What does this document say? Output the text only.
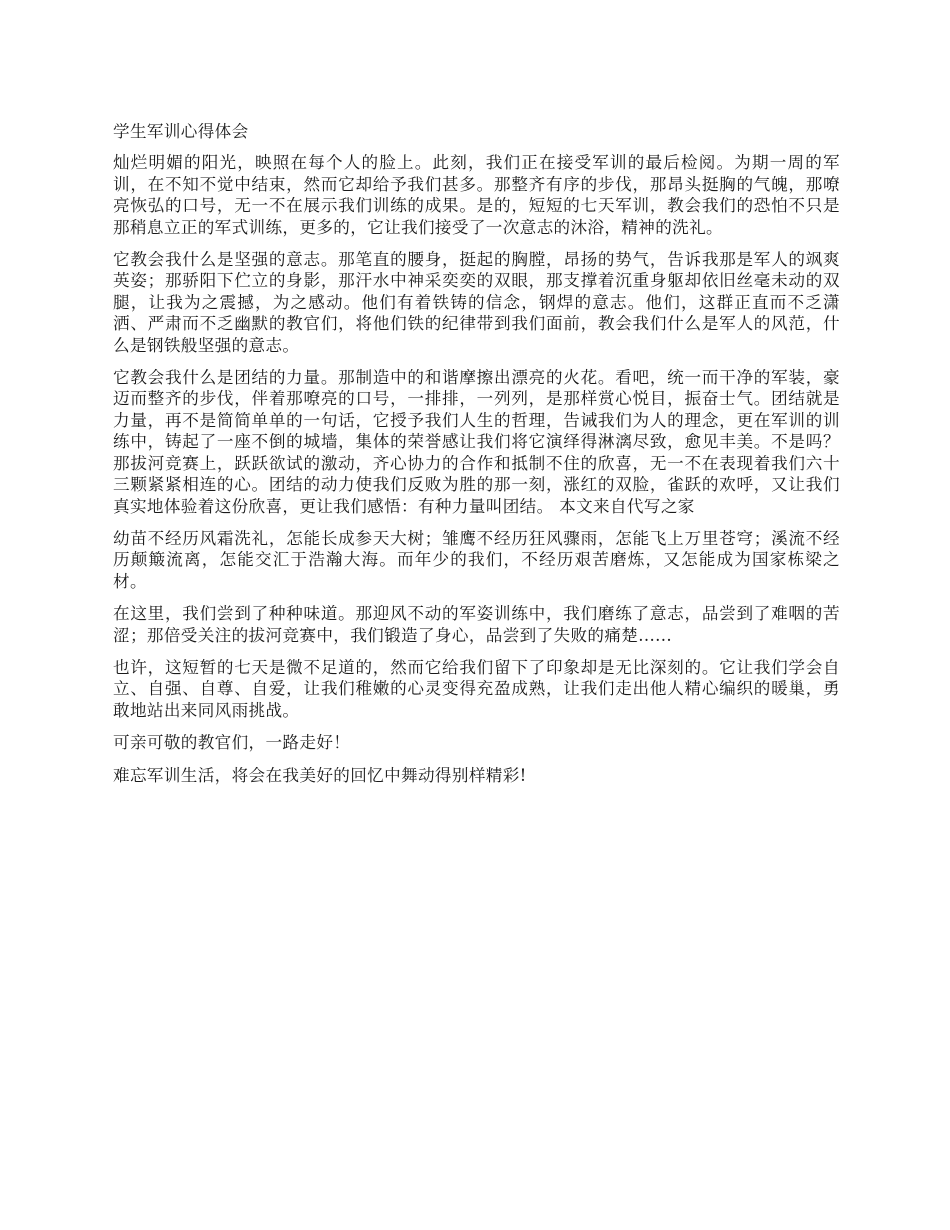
学生军训心得体会

灿烂明媚的阳光，映照在每个人的脸上。此刻，我们正在接受军训的最后检阅。为期一周的军训，在不知不觉中结束，然而它却给予我们甚多。那整齐有序的步伐，那昂头挺胸的气魄，那嘹亮恢弘的口号，无一不在展示我们训练的成果。是的，短短的七天军训，教会我们的恐怕不只是那稍息立正的军式训练，更多的，它让我们接受了一次意志的沐浴，精神的洗礼。

它教会我什么是坚强的意志。那笔直的腰身，挺起的胸膛，昂扬的势气，告诉我那是军人的飒爽英姿；那骄阳下伫立的身影，那汗水中神采奕奕的双眼，那支撑着沉重身躯却依旧丝毫未动的双腿，让我为之震撼，为之感动。他们有着铁铸的信念，钢焊的意志。他们，这群正直而不乏潇洒、严肃而不乏幽默的教官们，将他们铁的纪律带到我们面前，教会我们什么是军人的风范，什么是钢铁般坚强的意志。

它教会我什么是团结的力量。那制造中的和谐摩擦出漂亮的火花。看吧，统一而干净的军装，豪迈而整齐的步伐，伴着那嘹亮的口号，一排排，一列列，是那样赏心悦目，振奋士气。团结就是力量，再不是简简单单的一句话，它授予我们人生的哲理，告诫我们为人的理念，更在军训的训练中，铸起了一座不倒的城墙，集体的荣誉感让我们将它演绎得淋漓尽致，愈见丰美。不是吗？那拔河竞赛上，跃跃欲试的激动，齐心协力的合作和抵制不住的欣喜，无一不在表现着我们六十三颗紧紧相连的心。团结的动力使我们反败为胜的那一刻，涨红的双脸，雀跃的欢呼，又让我们真实地体验着这份欣喜，更让我们感悟：有种力量叫团结。 本文来自代写之家

幼苗不经历风霜洗礼，怎能长成参天大树；雏鹰不经历狂风骤雨，怎能飞上万里苍穹；溪流不经历颠簸流离，怎能交汇于浩瀚大海。而年少的我们，不经历艰苦磨炼，又怎能成为国家栋梁之材。

在这里，我们尝到了种种味道。那迎风不动的军姿训练中，我们磨练了意志，品尝到了难咽的苦涩；那倍受关注的拔河竞赛中，我们锻造了身心，品尝到了失败的痛楚......

也许，这短暂的七天是微不足道的，然而它给我们留下了印象却是无比深刻的。它让我们学会自立、自强、自尊、自爱，让我们稚嫩的心灵变得充盈成熟，让我们走出他人精心编织的暖巢，勇敢地站出来同风雨挑战。

可亲可敬的教官们，一路走好！

难忘军训生活，将会在我美好的回忆中舞动得别样精彩!
